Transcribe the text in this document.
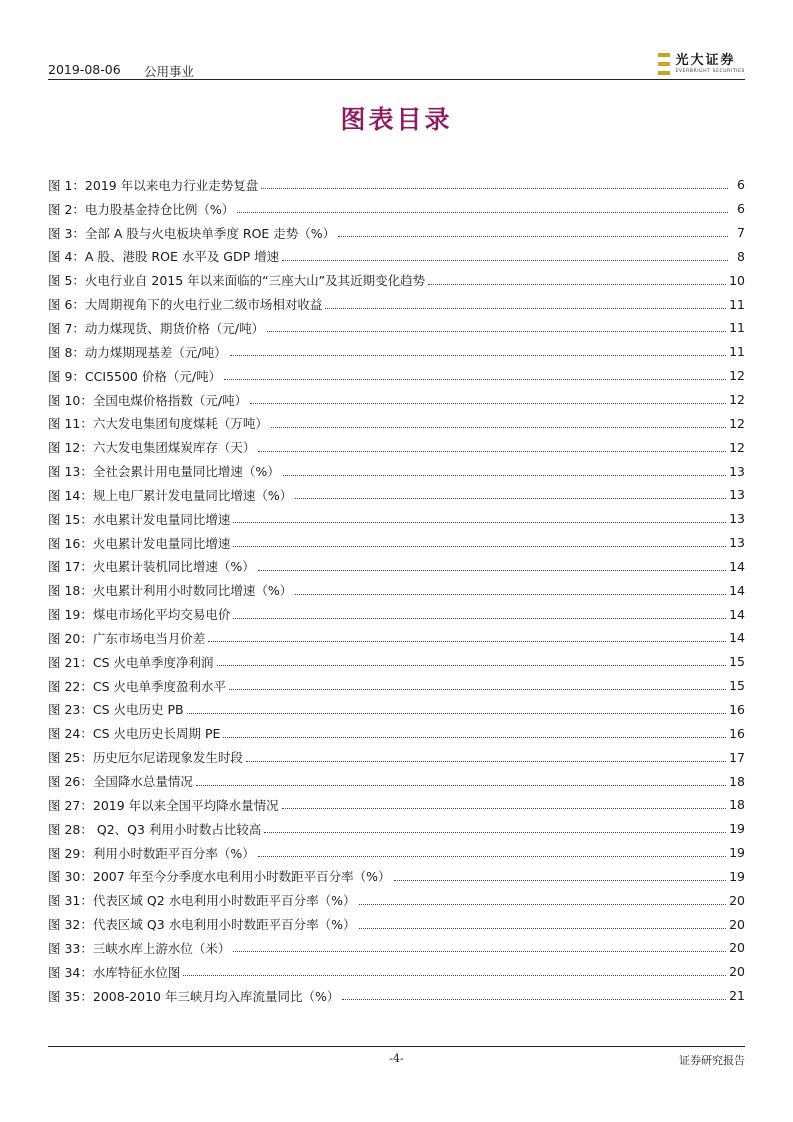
2019-08-06 公用事业
光大证券
EVERBRIGHT SECURITIES
图表目录
图 1：2019 年以来电力行业走势复盘	6
图 2：电力股基金持仓比例（%）	6
图 3：全部 A 股与火电板块单季度 ROE 走势（%）	7
图 4：A 股、港股 ROE 水平及 GDP 增速	8
图 5：火电行业自 2015 年以来面临的“三座大山”及其近期变化趋势	10
图 6：大周期视角下的火电行业二级市场相对收益	11
图 7：动力煤现货、期货价格（元/吨）	11
图 8：动力煤期现基差（元/吨）	11
图 9：CCI5500 价格（元/吨）	12
图 10：全国电煤价格指数（元/吨）	12
图 11：六大发电集团旬度煤耗（万吨）	12
图 12：六大发电集团煤炭库存（天）	12
图 13：全社会累计用电量同比增速（%）	13
图 14：规上电厂累计发电量同比增速（%）	13
图 15：水电累计发电量同比增速	13
图 16：火电累计发电量同比增速	13
图 17：火电累计装机同比增速（%）	14
图 18：火电累计利用小时数同比增速（%）	14
图 19：煤电市场化平均交易电价	14
图 20：广东市场电当月价差	14
图 21：CS 火电单季度净利润	15
图 22：CS 火电单季度盈利水平	15
图 23：CS 火电历史 PB	16
图 24：CS 火电历史长周期 PE	16
图 25：历史厄尔尼诺现象发生时段	17
图 26：全国降水总量情况	18
图 27：2019 年以来全国平均降水量情况	18
图 28： Q2、Q3 利用小时数占比较高	19
图 29：利用小时数距平百分率（%）	19
图 30：2007 年至今分季度水电利用小时数距平百分率（%）	19
图 31：代表区域 Q2 水电利用小时数距平百分率（%）	20
图 32：代表区域 Q3 水电利用小时数距平百分率（%）	20
图 33：三峡水库上游水位（米）	20
图 34：水库特征水位图	20
图 35：2008-2010 年三峡月均入库流量同比（%）	21
-4-	证券研究报告
